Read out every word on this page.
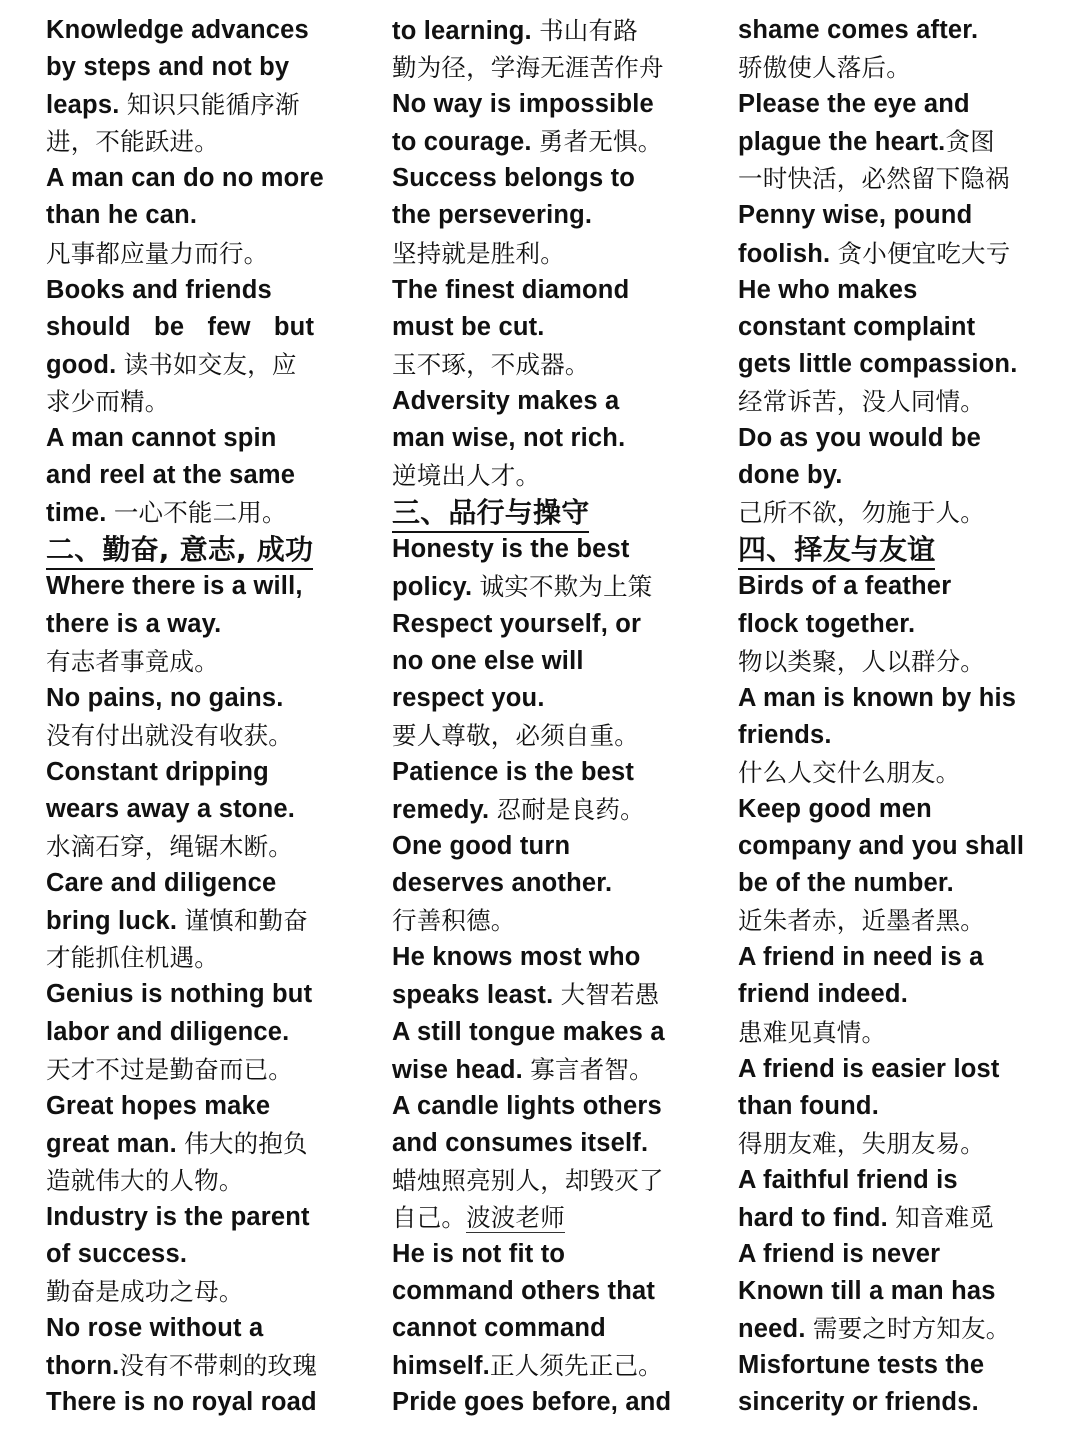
Knowledge advances
by steps and not by
leaps. 知识只能循序渐
进，不能跃进。
A man can do no more
than he can.
凡事都应量力而行。
Books and friends
should be few but
good. 读书如交友，应
求少而精。
A man cannot spin
and reel at the same
time. 一心不能二用。
二、勤奋, 意志, 成功
Where there is a will,
there is a way.
有志者事竟成。
No pains, no gains.
没有付出就没有收获。
Constant dripping
wears away a stone.
水滴石穿，绳锯木断。
Care and diligence
bring luck. 谨慎和勤奋
才能抓住机遇。
Genius is nothing but
labor and diligence.
天才不过是勤奋而已。
Great hopes make
great man. 伟大的抱负
造就伟大的人物。
Industry is the parent
of success.
勤奋是成功之母。
No rose without a
thorn.没有不带刺的玫瑰
There is no royal road
to learning. 书山有路
勤为径，学海无涯苦作舟
No way is impossible
to courage. 勇者无惧。
Success belongs to
the persevering.
坚持就是胜利。
The finest diamond
must be cut.
玉不琢，不成器。
Adversity makes a
man wise, not rich.
逆境出人才。
三、品行与操守
Honesty is the best
policy. 诚实不欺为上策
Respect yourself, or
no one else will
respect you.
要人尊敬，必须自重。
Patience is the best
remedy. 忍耐是良药。
One good turn
deserves another.
行善积德。
He knows most who
speaks least. 大智若愚
A still tongue makes a
wise head. 寡言者智。
A candle lights others
and consumes itself.
蜡烛照亮别人，却毁灭了
自己。波波老师
He is not fit to
command others that
cannot command
himself.正人须先正己。
Pride goes before, and
shame comes after.
骄傲使人落后。
Please the eye and
plague the heart.贪图
一时快活，必然留下隐祸
Penny wise, pound
foolish. 贪小便宜吃大亏
He who makes
constant complaint
gets little compassion.
经常诉苦，没人同情。
Do as you would be
done by.
己所不欲，勿施于人。
四、择友与友谊
Birds of a feather
flock together.
物以类聚，人以群分。
A man is known by his
friends.
什么人交什么朋友。
Keep good men
company and you shall
be of the number.
近朱者赤，近墨者黑。
A friend in need is a
friend indeed.
患难见真情。
A friend is easier lost
than found.
得朋友难，失朋友易。
A faithful friend is
hard to find. 知音难觅
A friend is never
Known till a man has
need. 需要之时方知友。
Misfortune tests the
sincerity or friends.
